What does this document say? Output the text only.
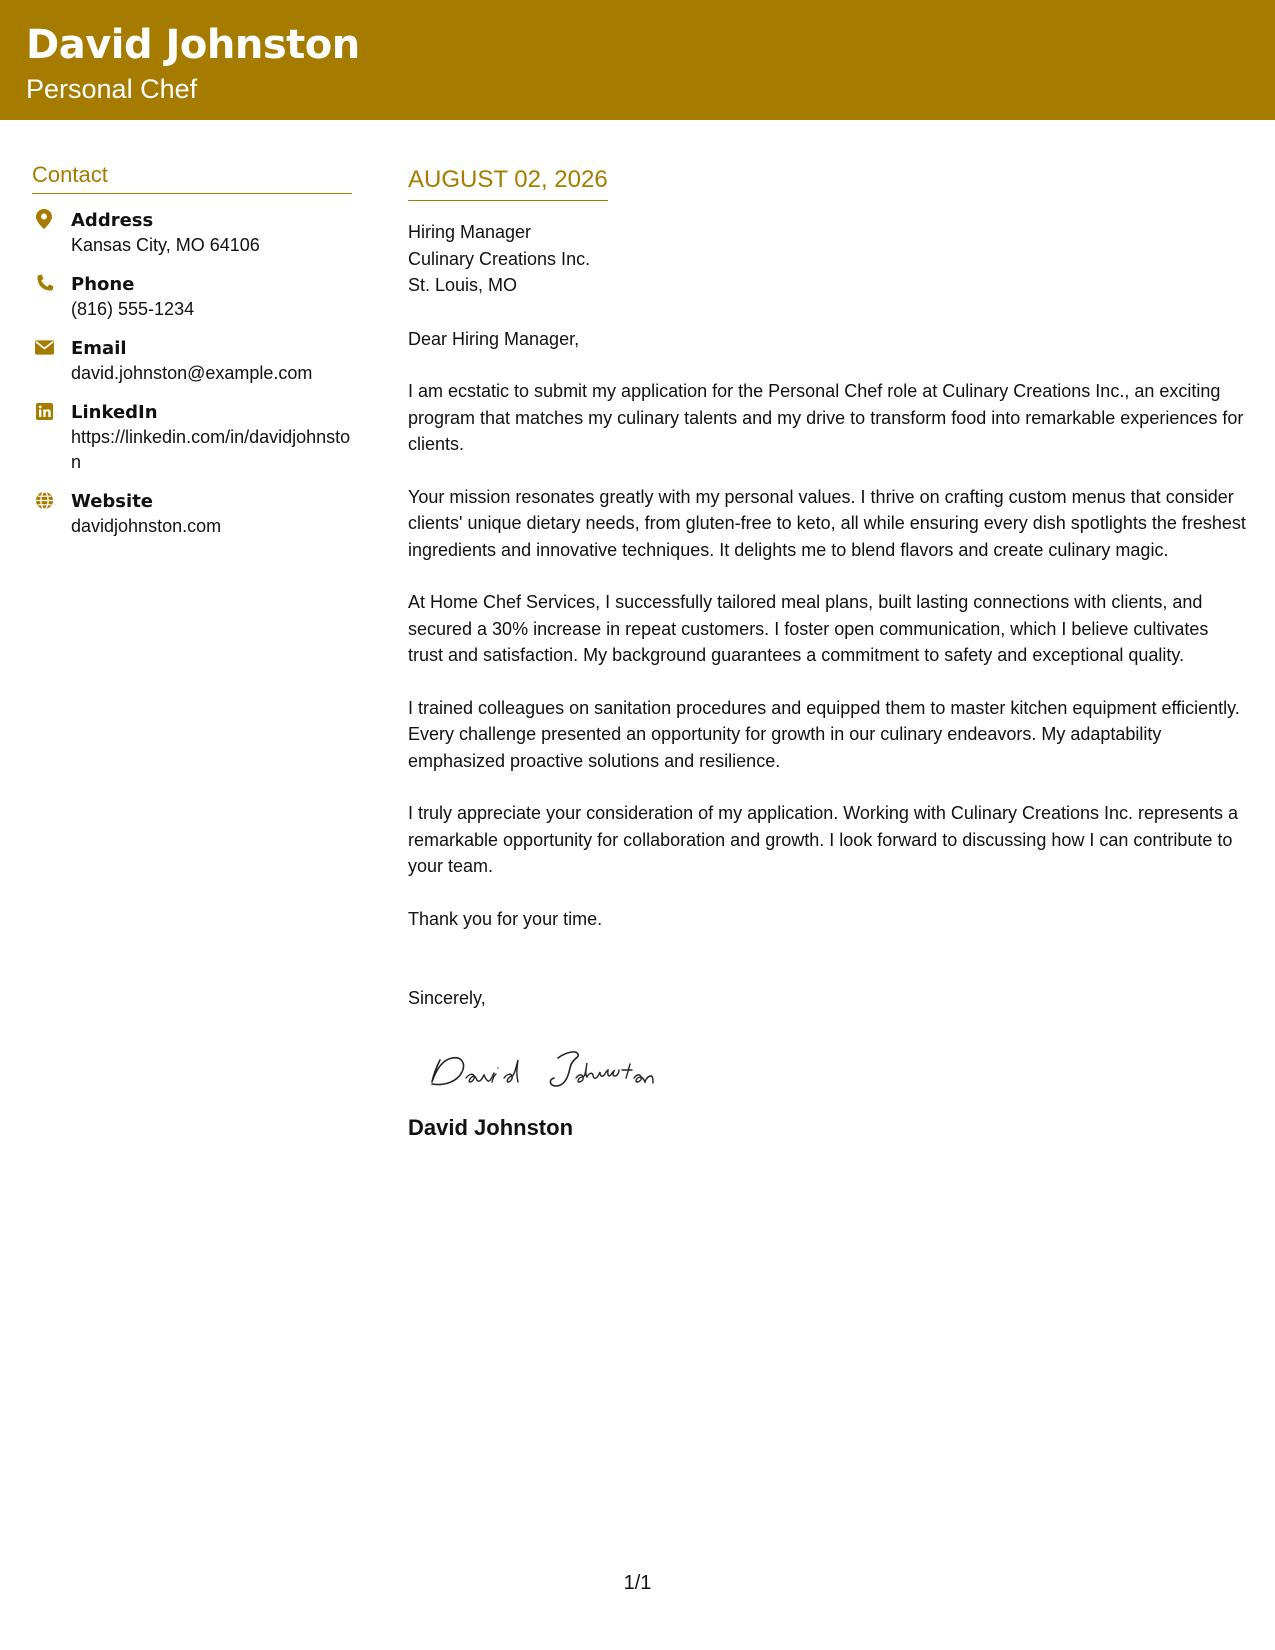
David Johnston
Personal Chef
Contact
Address
Kansas City, MO 64106
Phone
(816) 555-1234
Email
david.johnston@example.com
LinkedIn
https://linkedin.com/in/davidjohnston
Website
davidjohnston.com
AUGUST 02, 2026
Hiring Manager
Culinary Creations Inc.
St. Louis, MO
Dear Hiring Manager,
I am ecstatic to submit my application for the Personal Chef role at Culinary Creations Inc., an exciting program that matches my culinary talents and my drive to transform food into remarkable experiences for clients.
Your mission resonates greatly with my personal values. I thrive on crafting custom menus that consider clients' unique dietary needs, from gluten-free to keto, all while ensuring every dish spotlights the freshest ingredients and innovative techniques. It delights me to blend flavors and create culinary magic.
At Home Chef Services, I successfully tailored meal plans, built lasting connections with clients, and secured a 30% increase in repeat customers. I foster open communication, which I believe cultivates trust and satisfaction. My background guarantees a commitment to safety and exceptional quality.
I trained colleagues on sanitation procedures and equipped them to master kitchen equipment efficiently. Every challenge presented an opportunity for growth in our culinary endeavors. My adaptability emphasized proactive solutions and resilience.
I truly appreciate your consideration of my application. Working with Culinary Creations Inc. represents a remarkable opportunity for collaboration and growth. I look forward to discussing how I can contribute to your team.
Thank you for your time.
Sincerely,
David Johnston
1/1
